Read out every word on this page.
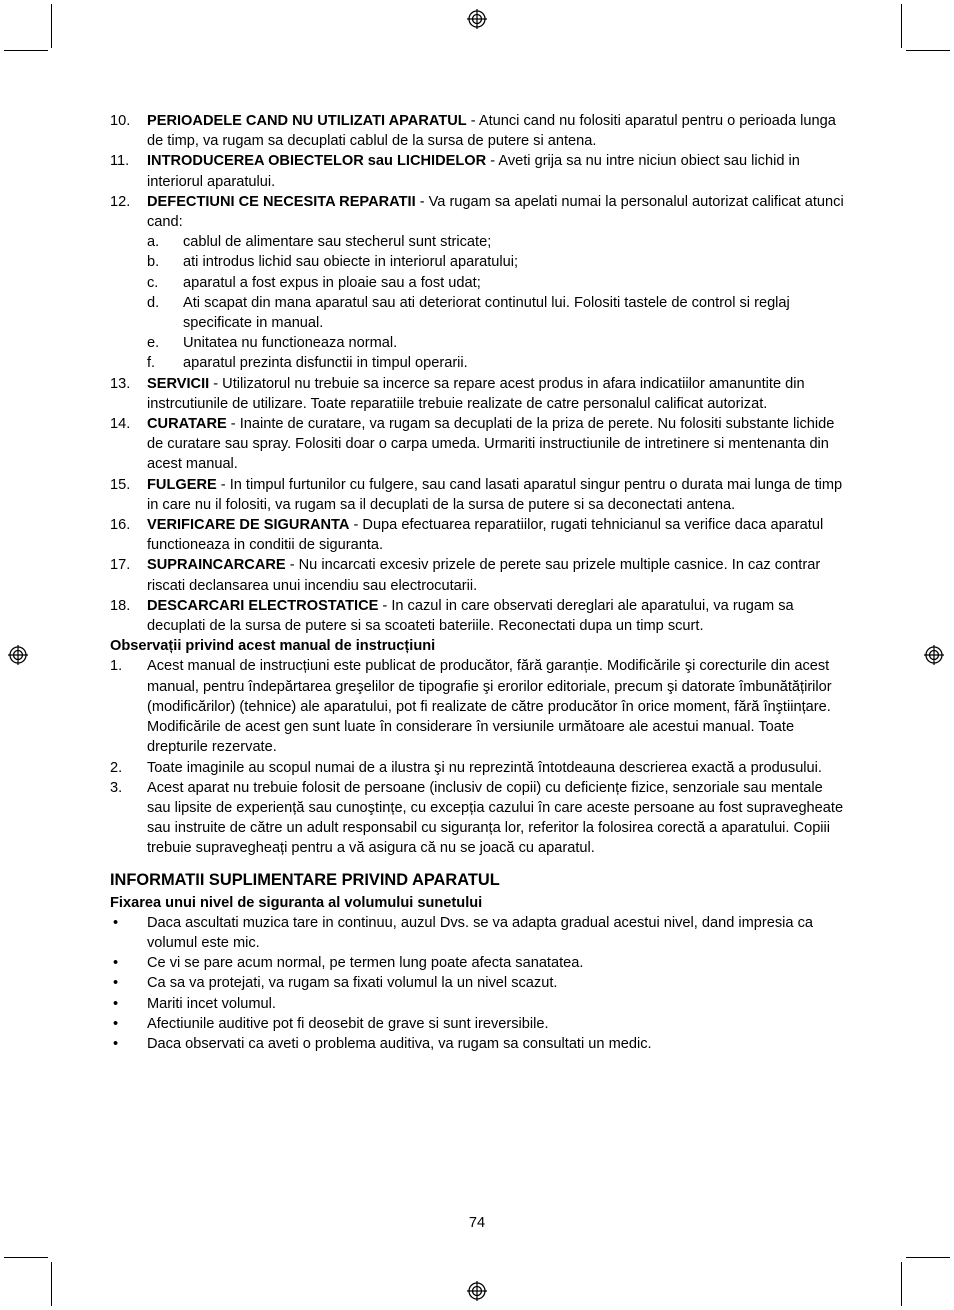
10. PERIOADELE CAND NU UTILIZATI APARATUL - Atunci cand nu folositi aparatul pentru o perioada lunga de timp, va rugam sa decuplati cablul de la sursa de putere si antena.
11. INTRODUCEREA OBIECTELOR sau LICHIDELOR - Aveti grija sa nu intre niciun obiect sau lichid in interiorul aparatului.
12. DEFECTIUNI CE NECESITA REPARATII - Va rugam sa apelati numai la personalul autorizat calificat atunci cand:
a. cablul de alimentare sau stecherul sunt stricate;
b. ati introdus lichid sau obiecte in interiorul aparatului;
c. aparatul a fost expus in ploaie sau a fost udat;
d. Ati scapat din mana aparatul sau ati deteriorat continutul lui. Folositi tastele de control si reglaj specificate in manual.
e. Unitatea nu functioneaza normal.
f. aparatul prezinta disfunctii in timpul operarii.
13. SERVICII - Utilizatorul nu trebuie sa incerce sa repare acest produs in afara indicatiilor amanuntite din instrcutiunile de utilizare. Toate reparatiile trebuie realizate de catre personalul calificat autorizat.
14. CURATARE - Inainte de curatare, va rugam sa decuplati de la priza de perete. Nu folositi substante lichide de curatare sau spray. Folositi doar o carpa umeda. Urmariti instructiunile de intretinere si mentenanta din acest manual.
15. FULGERE - In timpul furtunilor cu fulgere, sau cand lasati aparatul singur pentru o durata mai lunga de timp in care nu il folositi, va rugam sa il decuplati de la sursa de putere si sa deconectati antena.
16. VERIFICARE DE SIGURANTA - Dupa efectuarea reparatiilor, rugati tehnicianul sa verifice daca aparatul functioneaza in conditii de siguranta.
17. SUPRAINCARCARE - Nu incarcati excesiv prizele de perete sau prizele multiple casnice. In caz contrar riscati declansarea unui incendiu sau electrocutarii.
18. DESCARCARI ELECTROSTATICE - In cazul in care observati dereglari ale aparatului, va rugam sa decuplati de la sursa de putere si sa scoateti bateriile. Reconectati dupa un timp scurt.
Observații privind acest manual de instrucțiuni
1. Acest manual de instrucțiuni este publicat de producător, fără garanție. Modificările şi corecturile din acest manual, pentru îndepărtarea greşelilor de tipografie şi erorilor editoriale, precum şi datorate îmbunătățirilor (modificărilor) (tehnice) ale aparatului, pot fi realizate de către producător în orice moment, fără înştiințare. Modificările de acest gen sunt luate în considerare în versiunile următoare ale acestui manual. Toate drepturile rezervate.
2. Toate imaginile au scopul numai de a ilustra şi nu reprezintă întotdeauna descrierea exactă a produsului.
3. Acest aparat nu trebuie folosit de persoane (inclusiv de copii) cu deficiențe fizice, senzoriale sau mentale sau lipsite de experiență sau cunoştințe, cu excepția cazului în care aceste persoane au fost supravegheate sau instruite de către un adult responsabil cu siguranța lor, referitor la folosirea corectă a aparatului. Copiii trebuie supravegheați pentru a vă asigura că nu se joacă cu aparatul.
INFORMATII SUPLIMENTARE PRIVIND APARATUL
Fixarea unui nivel de siguranta al volumului sunetului
• Daca ascultati muzica tare in continuu, auzul Dvs. se va adapta gradual acestui nivel, dand impresia ca volumul este mic.
• Ce vi se pare acum normal, pe termen lung poate afecta sanatatea.
• Ca sa va protejati, va rugam sa fixati volumul la un nivel scazut.
• Mariti incet volumul.
• Afectiunile auditive pot fi deosebit de grave si sunt ireversibile.
• Daca observati ca aveti o problema auditiva, va rugam sa consultati un medic.
74
